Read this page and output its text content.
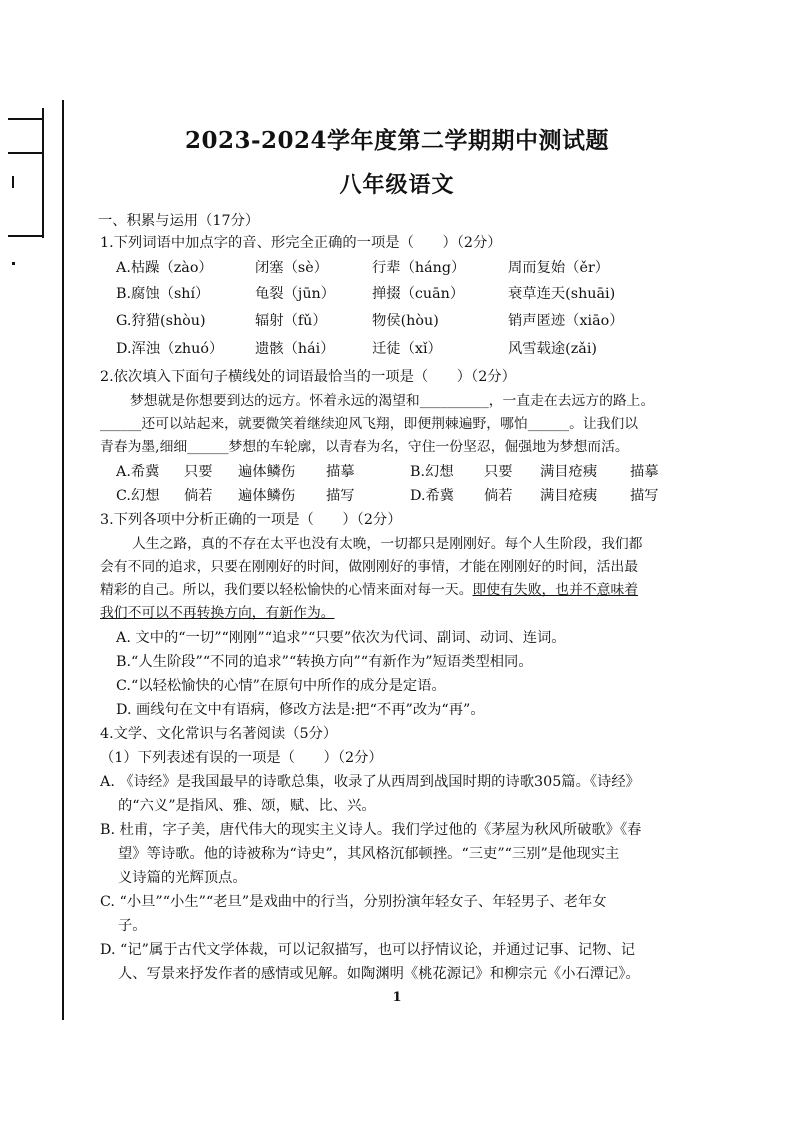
2023-2024学年度第二学期期中测试题
八年级语文
一、积累与运用（17分）
1.下列词语中加点字的音、形完全正确的一项是（　　）（2分）
A.枯躁（zào）	闭塞（sè）	行辈（háng）	周而复始（ěr）
B.腐蚀（shí）	龟裂（jūn）	掸掇（cuān）	衰草连天(shuāi)
G.狩猎(shòu)	辐射（fǔ）	物侯(hòu)	销声匿迹（xiāo）
D.浑浊（zhuó） 遗骸（hái）	迁徒（xǐ）	风雪载途(zǎi)
2.依次填入下面句子横线处的词语最恰当的一项是（　　）（2分）
梦想就是你想要到达的远方。怀着永远的渴望和__________，一直走在去远方的路上。
______还可以站起来，就要微笑着继续迎风飞翔，即便荆棘遍野，哪怕______。让我们以
青春为墨,细细______梦想的车轮廓，以青春为名，守住一份坚忍，倔强地为梦想而活。
A.希冀 只要 遍体鳞伤 描摹	B.幻想 只要 满目疮痍 描摹
C.幻想 倘若 遍体鳞伤 描写	D.希冀 倘若 满目疮痍 描写
3.下列各项中分析正确的一项是（　　）（2分）
人生之路，真的不存在太平也没有太晚，一切都只是刚刚好。每个人生阶段，我们都
会有不同的追求，只要在刚刚好的时间，做刚刚好的事情，才能在刚刚好的时间，活出最
精彩的自己。所以，我们要以轻松愉快的心情来面对每一天。即使有失败，也并不意味着
我们不可以不再转换方向，有新作为。
A. 文中的“一切”“刚刚”“追求”“只要”依次为代词、副词、动词、连词。
B.“人生阶段”“不同的追求”“转换方向”“有新作为”短语类型相同。
C.“以轻松愉快的心情”在原句中所作的成分是定语。
D. 画线句在文中有语病，修改方法是:把“不再”改为“再”。
4.文学、文化常识与名著阅读（5分）
（1）下列表述有误的一项是（　　）（2分）
A. 《诗经》是我国最早的诗歌总集，收录了从西周到战国时期的诗歌305篇。《诗经》
的“六义”是指风、雅、颂，赋、比、兴。
B. 杜甫，字子美，唐代伟大的现实主义诗人。我们学过他的《茅屋为秋风所破歌》《春
望》等诗歌。他的诗被称为“诗史”，其风格沉郁顿挫。“三吏”“三别”是他现实主
义诗篇的光辉顶点。
C. “小旦”“小生”“老旦”是戏曲中的行当，分别扮演年轻女子、年轻男子、老年女
子。
D. “记”属于古代文学体裁，可以记叙描写，也可以抒情议论，并通过记事、记物、记
人、写景来抒发作者的感情或见解。如陶渊明《桃花源记》和柳宗元《小石潭记》。
1
